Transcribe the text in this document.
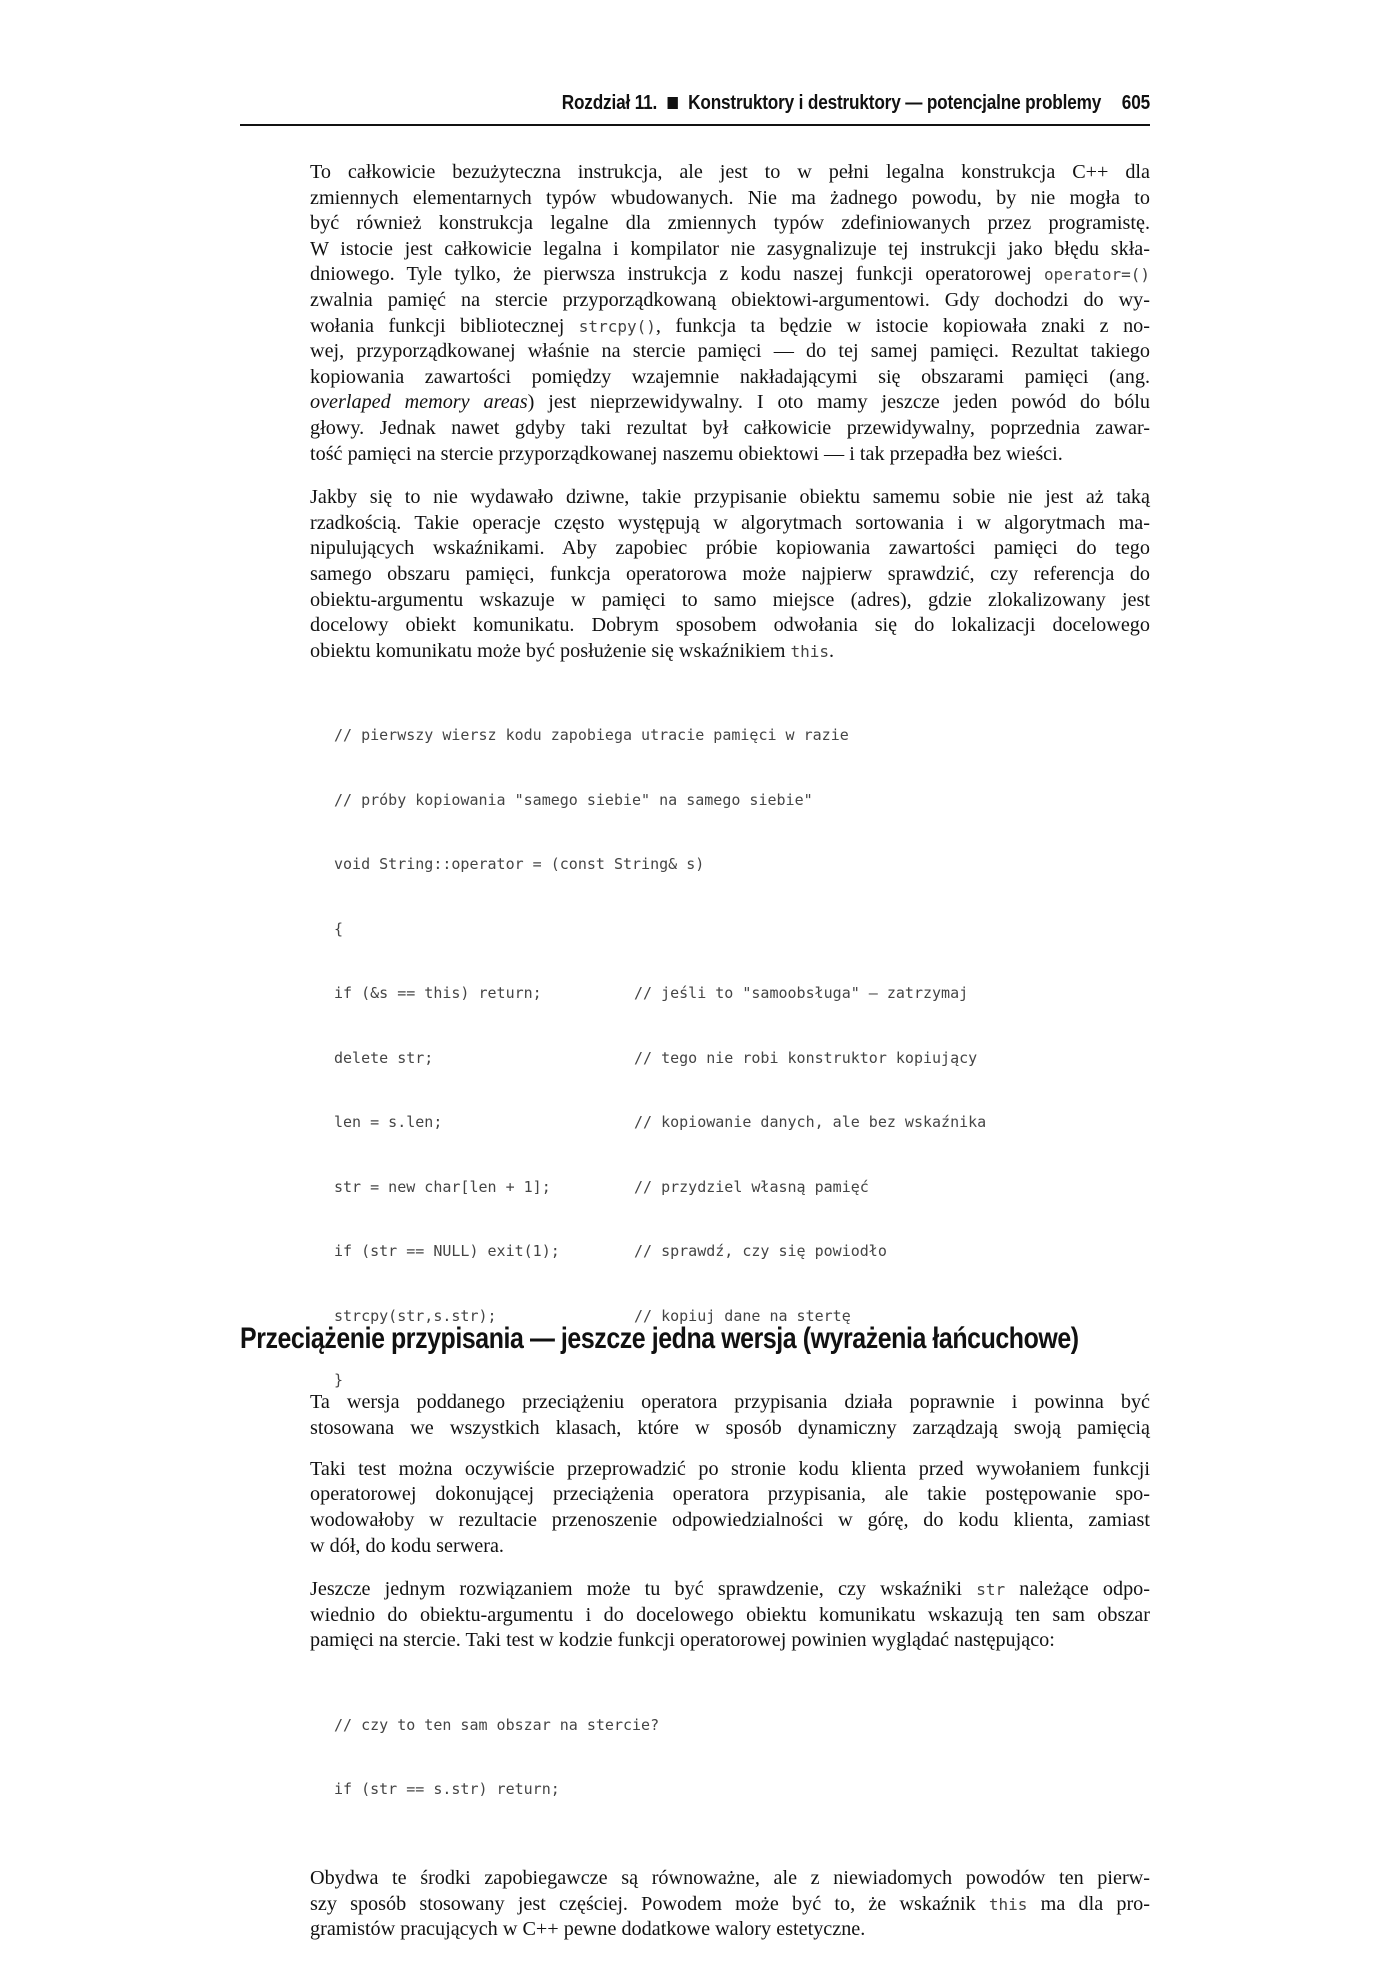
Rozdział 11. Konstruktory i destruktory — potencjalne problemy 605
To całkowicie bezużyteczna instrukcja, ale jest to w pełni legalna konstrukcja C++ dla
zmiennych elementarnych typów wbudowanych. Nie ma żadnego powodu, by nie mogła to
być również konstrukcja legalne dla zmiennych typów zdefiniowanych przez programistę.
W istocie jest całkowicie legalna i kompilator nie zasygnalizuje tej instrukcji jako błędu skła-
dniowego. Tyle tylko, że pierwsza instrukcja z kodu naszej funkcji operatorowej operator=()
zwalnia pamięć na stercie przyporządkowaną obiektowi-argumentowi. Gdy dochodzi do wy-
wołania funkcji bibliotecznej strcpy(), funkcja ta będzie w istocie kopiowała znaki z no-
wej, przyporządkowanej właśnie na stercie pamięci — do tej samej pamięci. Rezultat takiego
kopiowania zawartości pomiędzy wzajemnie nakładającymi się obszarami pamięci (ang.
overlaped memory areas) jest nieprzewidywalny. I oto mamy jeszcze jeden powód do bólu
głowy. Jednak nawet gdyby taki rezultat był całkowicie przewidywalny, poprzednia zawar-
tość pamięci na stercie przyporządkowanej naszemu obiektowi — i tak przepadła bez wieści.
Jakby się to nie wydawało dziwne, takie przypisanie obiektu samemu sobie nie jest aż taką
rzadkością. Takie operacje często występują w algorytmach sortowania i w algorytmach ma-
nipulujących wskaźnikami. Aby zapobiec próbie kopiowania zawartości pamięci do tego
samego obszaru pamięci, funkcja operatorowa może najpierw sprawdzić, czy referencja do
obiektu-argumentu wskazuje w pamięci to samo miejsce (adres), gdzie zlokalizowany jest
docelowy obiekt komunikatu. Dobrym sposobem odwołania się do lokalizacji docelowego
obiektu komunikatu może być posłużenie się wskaźnikiem this.

// pierwszy wiersz kodu zapobiega utracie pamięci w razie

// próby kopiowania "samego siebie" na samego siebie"

void String::operator = (const String& s)

{

if (&s == this) return;	// jeśli to "samoobsługa" — zatrzymaj

delete str;	// tego nie robi konstruktor kopiujący

len = s.len;	// kopiowanie danych, ale bez wskaźnika

str = new char[len + 1];	// przydziel własną pamięć

if (str == NULL) exit(1);	// sprawdź, czy się powiodło

strcpy(str,s.str);	// kopiuj dane na stertę

}

Taki test można oczywiście przeprowadzić po stronie kodu klienta przed wywołaniem funkcji
operatorowej dokonującej przeciążenia operatora przypisania, ale takie postępowanie spo-
wodowałoby w rezultacie przenoszenie odpowiedzialności w górę, do kodu klienta, zamiast
w dół, do kodu serwera.
Jeszcze jednym rozwiązaniem może tu być sprawdzenie, czy wskaźniki str należące odpo-
wiednio do obiektu-argumentu i do docelowego obiektu komunikatu wskazują ten sam obszar
pamięci na stercie. Taki test w kodzie funkcji operatorowej powinien wyglądać następująco:

// czy to ten sam obszar na stercie?

if (str == s.str) return;

Obydwa te środki zapobiegawcze są równoważne, ale z niewiadomych powodów ten pierw-
szy sposób stosowany jest częściej. Powodem może być to, że wskaźnik this ma dla pro-
gramistów pracujących w C++ pewne dodatkowe walory estetyczne.
Przeciążenie przypisania — jeszcze jedna wersja (wyrażenia łańcuchowe)
Ta wersja poddanego przeciążeniu operatora przypisania działa poprawnie i powinna być
stosowana we wszystkich klasach, które w sposób dynamiczny zarządzają swoją pamięcią
